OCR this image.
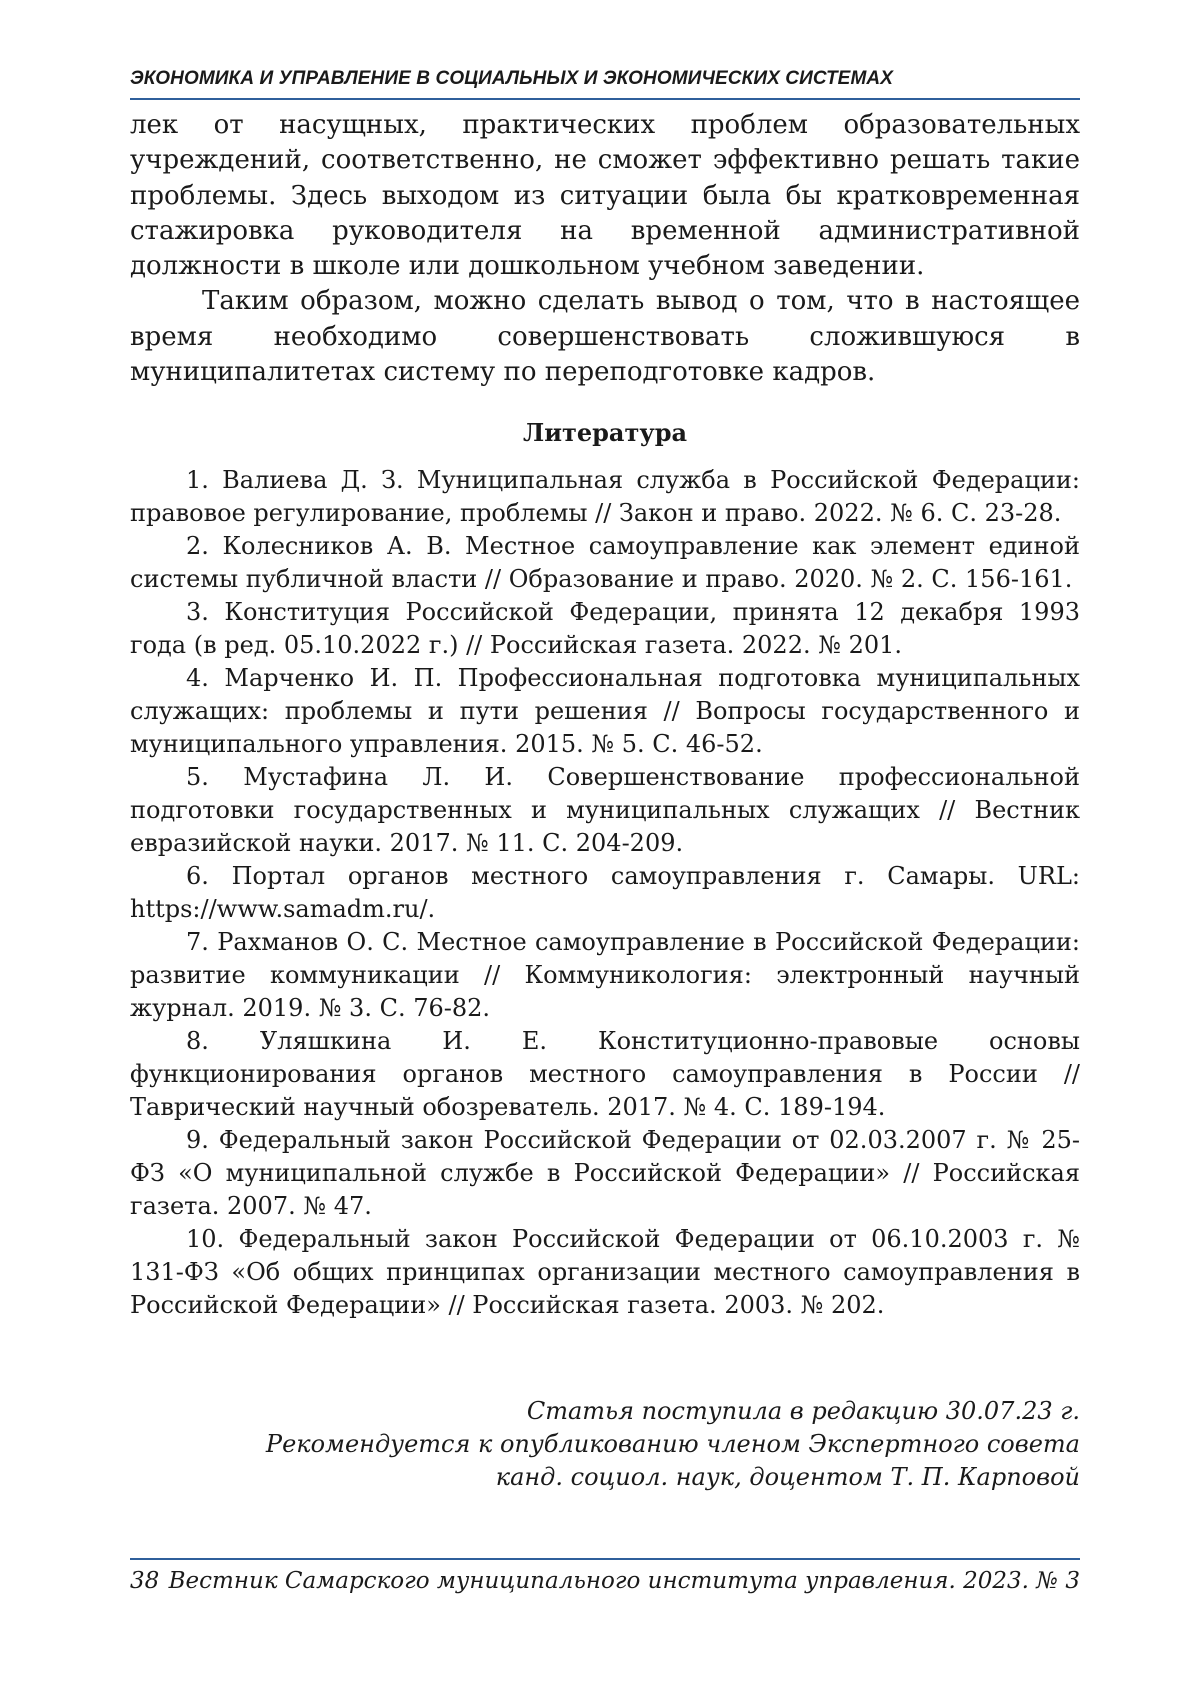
ЭКОНОМИКА И УПРАВЛЕНИЕ В СОЦИАЛЬНЫХ И ЭКОНОМИЧЕСКИХ СИСТЕМАХ

лек от насущных, практических проблем образовательных учреждений, соответственно, не сможет эффективно решать такие проблемы. Здесь выходом из ситуации была бы кратковременная стажировка руководителя на временной административной должности в школе или дошкольном учебном заведении.

Таким образом, можно сделать вывод о том, что в настоящее время необходимо совершенствовать сложившуюся в муниципалитетах систему по переподготовке кадров.

Литература

1. Валиева Д. З. Муниципальная служба в Российской Федерации: правовое регулирование, проблемы // Закон и право. 2022. № 6. С. 23-28.

2. Колесников А. В. Местное самоуправление как элемент единой системы публичной власти // Образование и право. 2020. № 2. С. 156-161.

3. Конституция Российской Федерации, принята 12 декабря 1993 года (в ред. 05.10.2022 г.) // Российская газета. 2022. № 201.

4. Марченко И. П. Профессиональная подготовка муниципальных служащих: проблемы и пути решения // Вопросы государственного и муниципального управления. 2015. № 5. С. 46-52.

5. Мустафина Л. И. Совершенствование профессиональной подготовки государственных и муниципальных служащих // Вестник евразийской науки. 2017. № 11. С. 204-209.

6. Портал органов местного самоуправления г. Самары. URL: https://www.samadm.ru/.

7. Рахманов О. С. Местное самоуправление в Российской Федерации: развитие коммуникации // Коммуникология: электронный научный журнал. 2019. № 3. С. 76-82.

8. Уляшкина И. Е. Конституционно-правовые основы функционирования органов местного самоуправления в России // Таврический научный обозреватель. 2017. № 4. С. 189-194.

9. Федеральный закон Российской Федерации от 02.03.2007 г. № 25-ФЗ «О муниципальной службе в Российской Федерации» // Российская газета. 2007. № 47.

10. Федеральный закон Российской Федерации от 06.10.2003 г. № 131-ФЗ «Об общих принципах организации местного самоуправления в Российской Федерации» // Российская газета. 2003. № 202.

Статья поступила в редакцию 30.07.23 г.
Рекомендуется к опубликованию членом Экспертного совета
канд. социол. наук, доцентом Т. П. Карповой
38 Вестник Самарского муниципального института управления. 2023. № 3
